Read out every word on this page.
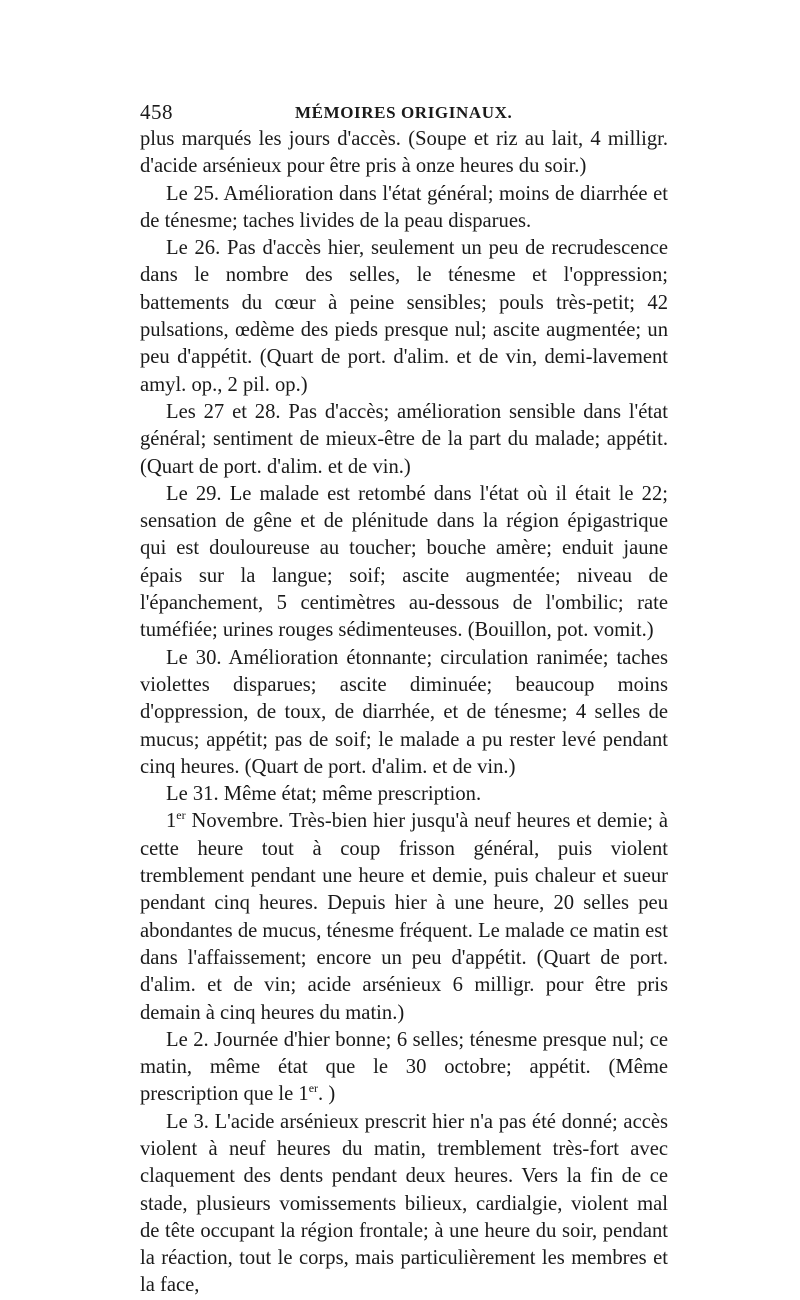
458	MÉMOIRES ORIGINAUX.

plus marqués les jours d'accès. (Soupe et riz au lait, 4 milligr. d'acide arsénieux pour être pris à onze heures du soir.)

Le 25. Amélioration dans l'état général; moins de diarrhée et de ténesme; taches livides de la peau disparues.

Le 26. Pas d'accès hier, seulement un peu de recrudescence dans le nombre des selles, le ténesme et l'oppression; battements du cœur à peine sensibles; pouls très-petit; 42 pulsations, œdème des pieds presque nul; ascite augmentée; un peu d'appétit. (Quart de port. d'alim. et de vin, demi-lavement amyl. op., 2 pil. op.)

Les 27 et 28. Pas d'accès; amélioration sensible dans l'état général; sentiment de mieux-être de la part du malade; appétit. (Quart de port. d'alim. et de vin.)

Le 29. Le malade est retombé dans l'état où il était le 22; sensation de gêne et de plénitude dans la région épigastrique qui est douloureuse au toucher; bouche amère; enduit jaune épais sur la langue; soif; ascite augmentée; niveau de l'épanchement, 5 centimètres au-dessous de l'ombilic; rate tuméfiée; urines rouges sédimenteuses. (Bouillon, pot. vomit.)

Le 30. Amélioration étonnante; circulation ranimée; taches violettes disparues; ascite diminuée; beaucoup moins d'oppression, de toux, de diarrhée, et de ténesme; 4 selles de mucus; appétit; pas de soif; le malade a pu rester levé pendant cinq heures. (Quart de port. d'alim. et de vin.)

Le 31. Même état; même prescription.

1er Novembre. Très-bien hier jusqu'à neuf heures et demie; à cette heure tout à coup frisson général, puis violent tremblement pendant une heure et demie, puis chaleur et sueur pendant cinq heures. Depuis hier à une heure, 20 selles peu abondantes de mucus, ténesme fréquent. Le malade ce matin est dans l'affaissement; encore un peu d'appétit. (Quart de port. d'alim. et de vin; acide arsénieux 6 milligr. pour être pris demain à cinq heures du matin.)

Le 2. Journée d'hier bonne; 6 selles; ténesme presque nul; ce matin, même état que le 30 octobre; appétit. (Même prescription que le 1er. )

Le 3. L'acide arsénieux prescrit hier n'a pas été donné; accès violent à neuf heures du matin, tremblement très-fort avec claquement des dents pendant deux heures. Vers la fin de ce stade, plusieurs vomissements bilieux, cardialgie, violent mal de tête occupant la région frontale; à une heure du soir, pendant la réaction, tout le corps, mais particulièrement les membres et la face,
